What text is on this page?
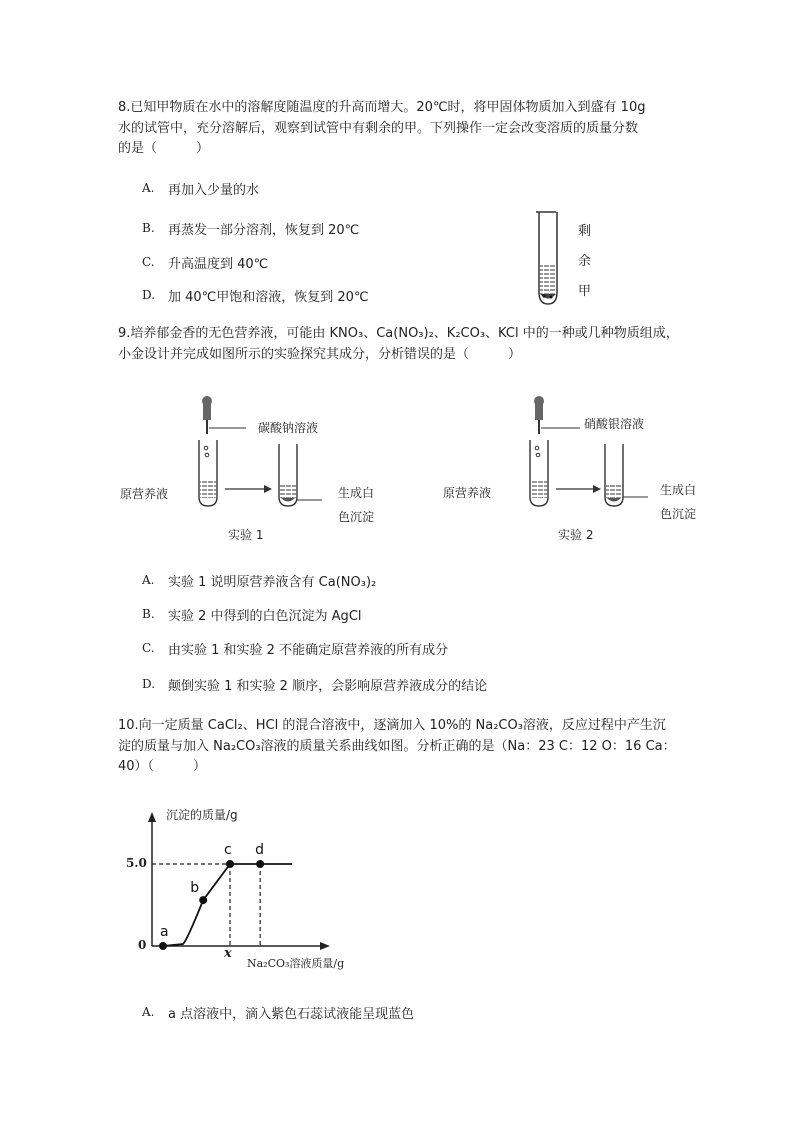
8.已知甲物质在水中的溶解度随温度的升高而增大。20℃时，将甲固体物质加入到盛有 10g
水的试管中，充分溶解后，观察到试管中有剩余的甲。下列操作一定会改变溶质的质量分数
的是（　　　）
A. 再加入少量的水
B. 再蒸发一部分溶剂，恢复到 20℃
C. 升高温度到 40℃
D. 加 40℃甲饱和溶液，恢复到 20℃
a
b
c d
剩
余
甲
9.培养郁金香的无色营养液，可能由 KNO₃、Ca(NO₃)₂、K₂CO₃、KCl 中的一种或几种物质组成，
小金设计并完成如图所示的实验探究其成分，分析错误的是（　　　）
碳酸钠溶液
原营养液	生成白
色沉淀
实验 1
硝酸银溶液
原营养液	生成白
色沉淀
实验 2
A. 实验 1 说明原营养液含有 Ca(NO₃)₂
B. 实验 2 中得到的白色沉淀为 AgCl
C. 由实验 1 和实验 2 不能确定原营养液的所有成分
D. 颠倒实验 1 和实验 2 顺序，会影响原营养液成分的结论
10.向一定质量 CaCl₂、HCl 的混合溶液中，逐滴加入 10%的 Na₂CO₃溶液，反应过程中产生沉
淀的质量与加入 Na₂CO₃溶液的质量关系曲线如图。分析正确的是（Na：23 C：12 O：16 Ca：
40）（　　　）
沉淀的质量/g
Na₂CO₃溶液质量/g
5.0
0
x
A. a 点溶液中，滴入紫色石蕊试液能呈现蓝色
